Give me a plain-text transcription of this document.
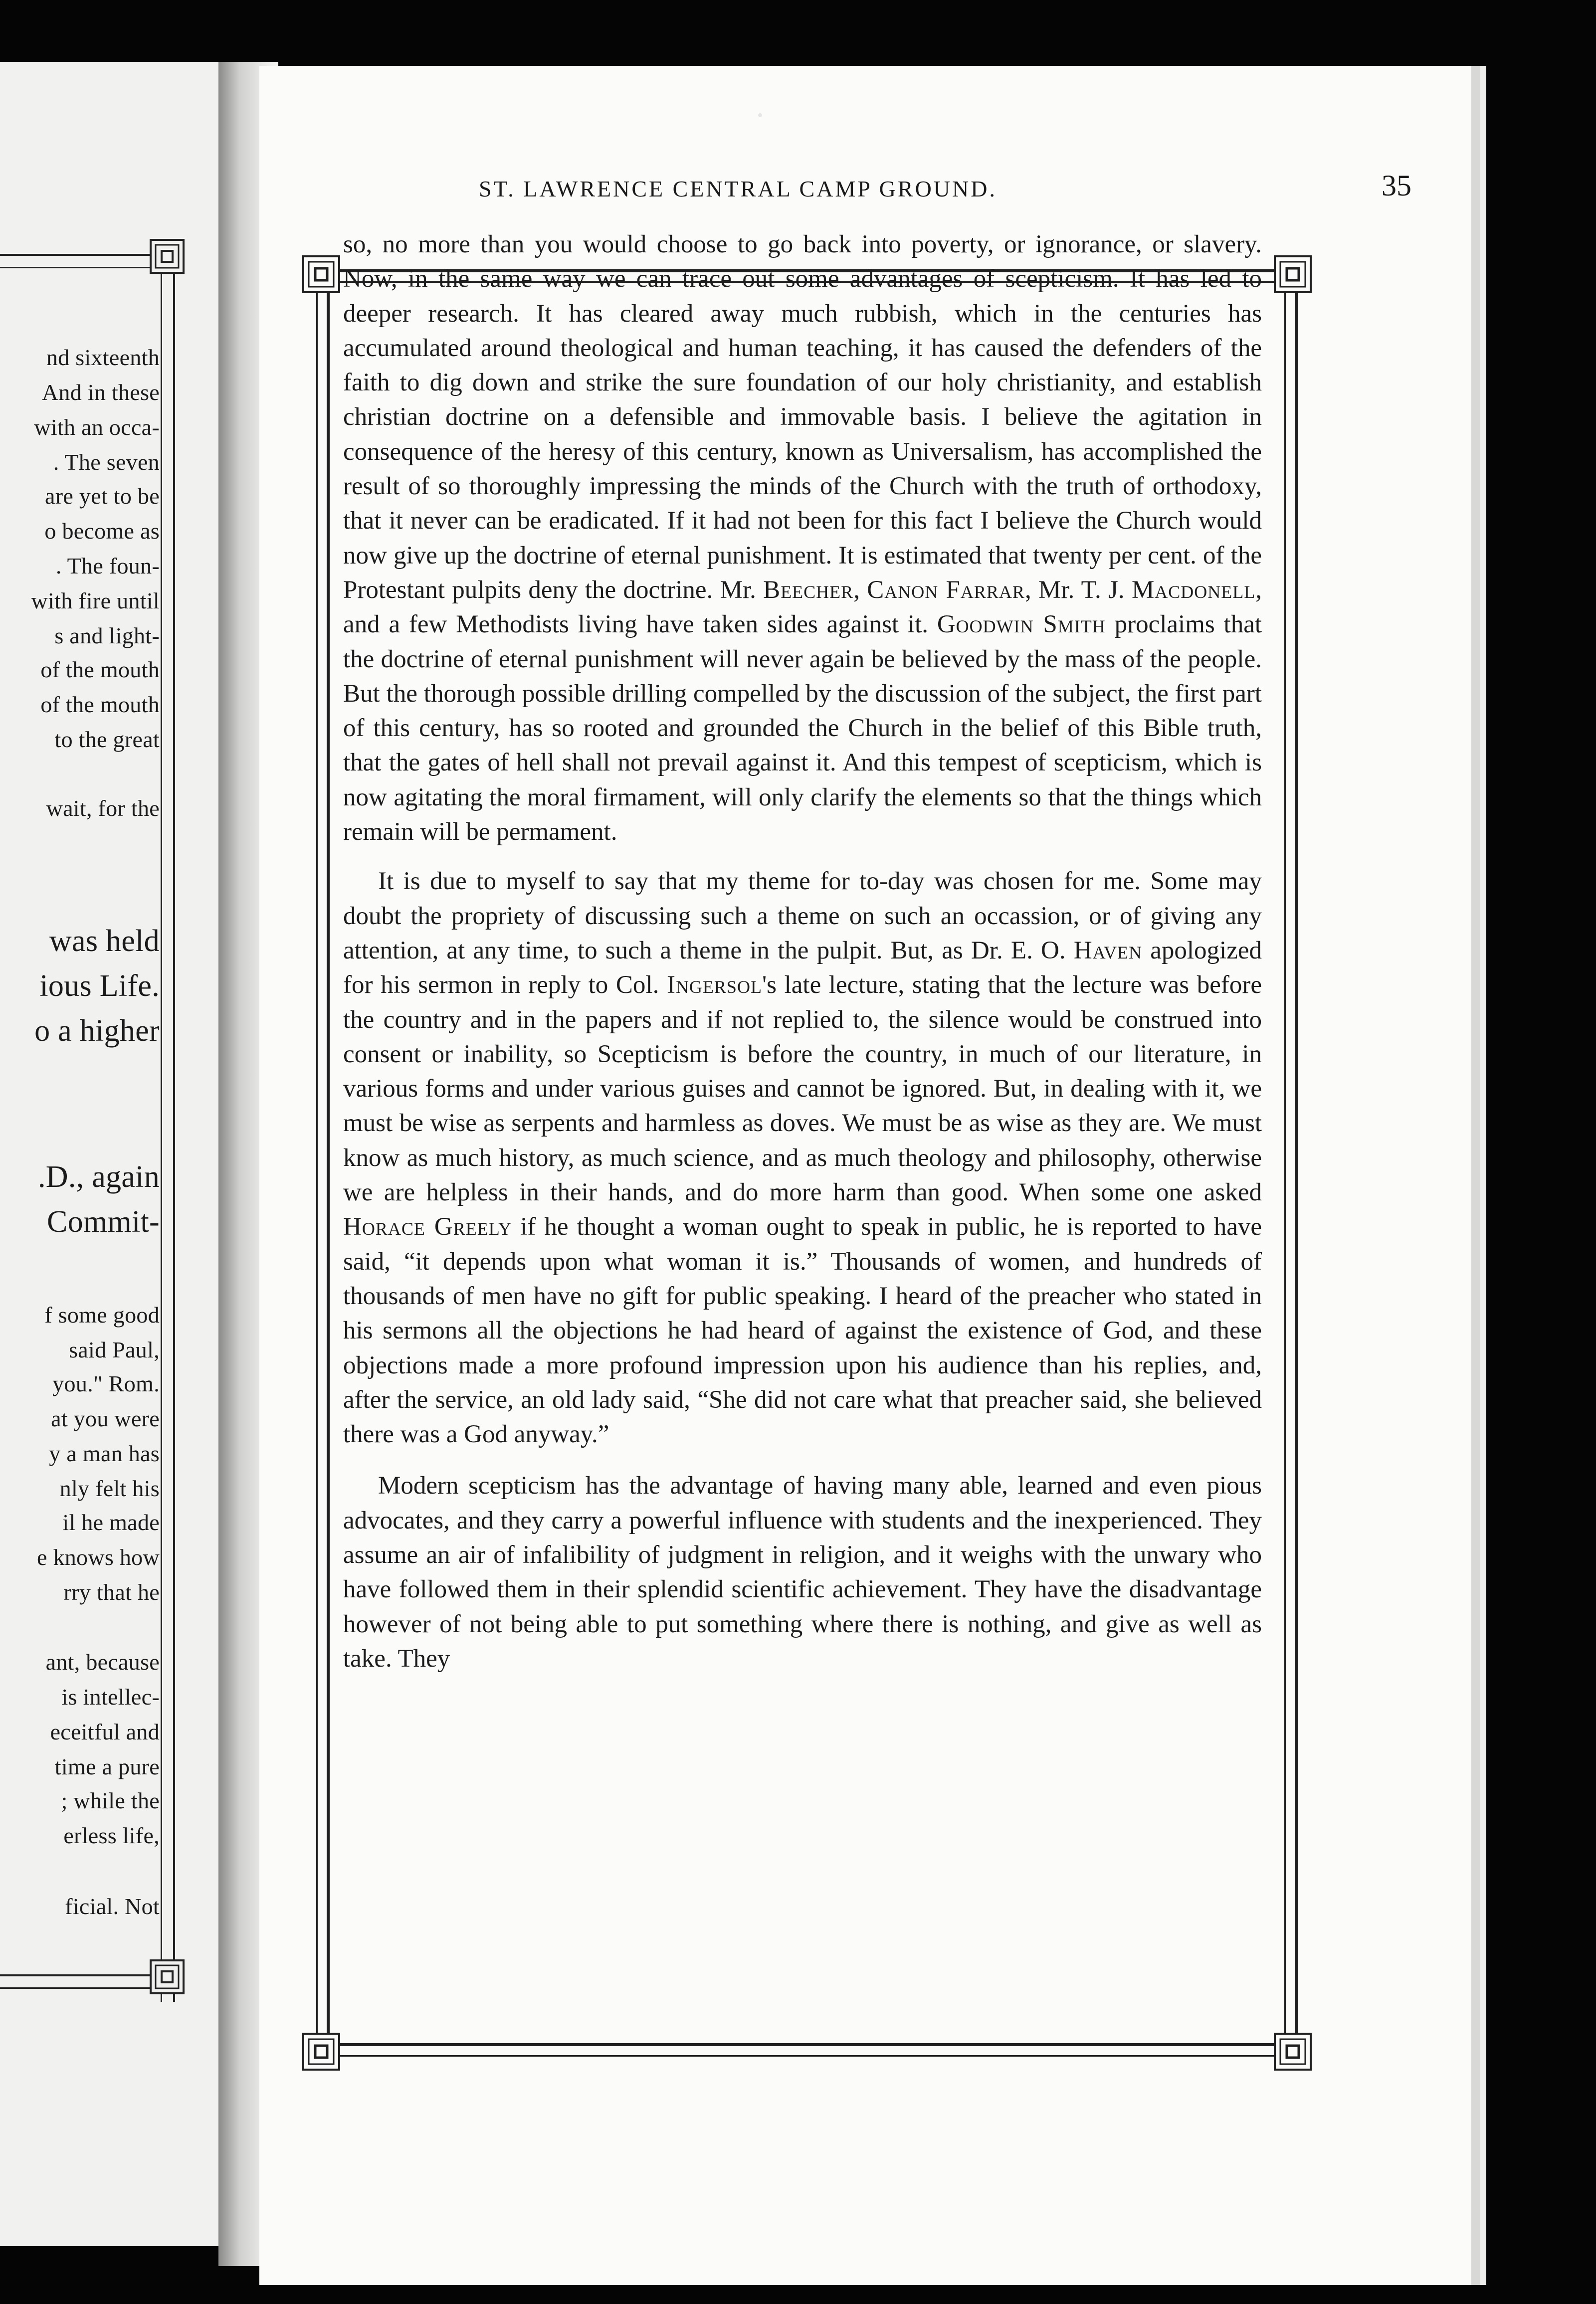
nd sixteenth
And in these
with an occa-
. The seven
are yet to be
o become as
. The foun-
with fire until
s and light-
of the mouth
of the mouth
to the great
wait, for the
was held
ious Life.
o a higher
.D., again
Commit-
f some good
said Paul,
you." Rom.
at you were
y a man has
nly felt his
il he made
e knows how
rry that he
ant, because
is intellec-
eceitful and
time a pure
; while the
erless life,
ficial. Not
ST. LAWRENCE CENTRAL CAMP GROUND.	35

so, no more than you would choose to go back into poverty, or ignorance, or slavery. Now, in the same way we can trace out some advantages of scepticism. It has led to deeper research. It has cleared away much rubbish, which in the centuries has accumulated around theological and human teaching, it has caused the defenders of the faith to dig down and strike the sure foundation of our holy christianity, and establish christian doctrine on a defensible and immovable basis. I believe the agitation in consequence of the heresy of this century, known as Universalism, has accomplished the result of so thoroughly impressing the minds of the Church with the truth of orthodoxy, that it never can be eradicated. If it had not been for this fact I believe the Church would now give up the doctrine of eternal punishment. It is estimated that twenty per cent. of the Protestant pulpits deny the doctrine. Mr. Beecher, Canon Farrar, Mr. T. J. Macdonell, and a few Methodists living have taken sides against it. Goodwin Smith proclaims that the doctrine of eternal punishment will never again be believed by the mass of the people. But the thorough possible drilling compelled by the discussion of the subject, the first part of this century, has so rooted and grounded the Church in the belief of this Bible truth, that the gates of hell shall not prevail against it. And this tempest of scepticism, which is now agitating the moral firmament, will only clarify the elements so that the things which remain will be permament.

It is due to myself to say that my theme for to-day was chosen for me. Some may doubt the propriety of discussing such a theme on such an occassion, or of giving any attention, at any time, to such a theme in the pulpit. But, as Dr. E. O. Haven apologized for his sermon in reply to Col. Ingersol's late lecture, stating that the lecture was before the country and in the papers and if not replied to, the silence would be construed into consent or inability, so Scepticism is before the country, in much of our literature, in various forms and under various guises and cannot be ignored. But, in dealing with it, we must be wise as serpents and harmless as doves. We must be as wise as they are. We must know as much history, as much science, and as much theology and philosophy, otherwise we are helpless in their hands, and do more harm than good. When some one asked Horace Greely if he thought a woman ought to speak in public, he is reported to have said, “it depends upon what woman it is.” Thousands of women, and hundreds of thousands of men have no gift for public speaking. I heard of the preacher who stated in his sermons all the objections he had heard of against the existence of God, and these objections made a more profound impression upon his audience than his replies, and, after the service, an old lady said, “She did not care what that preacher said, she believed there was a God anyway.”

Modern scepticism has the advantage of having many able, learned and even pious advocates, and they carry a powerful influence with students and the inexperienced. They assume an air of infalibility of judgment in religion, and it weighs with the unwary who have followed them in their splendid scientific achievement. They have the disadvantage however of not being able to put something where there is nothing, and give as well as take. They
